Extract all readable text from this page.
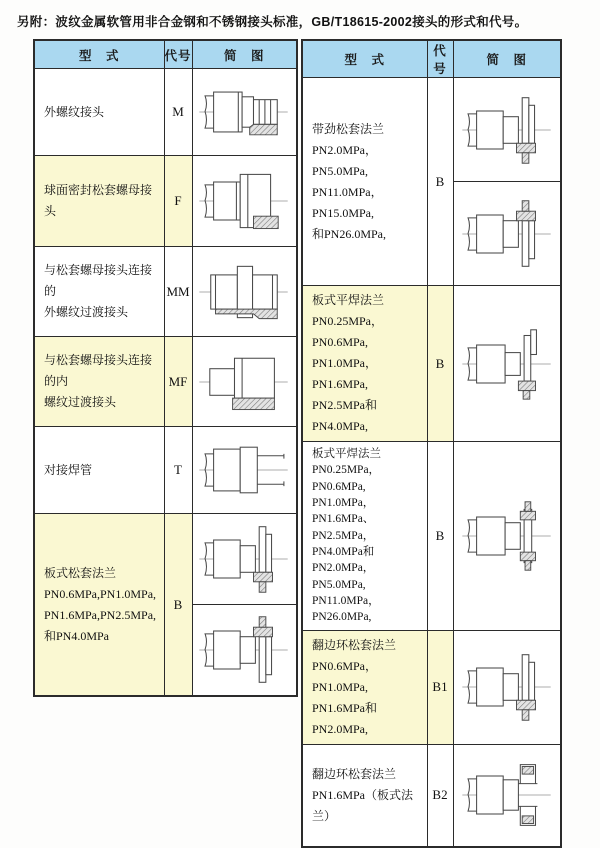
另附：波纹金属软管用非合金钢和不锈钢接头标准，GB/T18615-2002接头的形式和代号。
型　式	代号	简　图
外螺纹接头	M	

球面密封松套螺母接头	F	

与松套螺母接头连接的
外螺纹过渡接头	MM	

与松套螺母接头连接的内
螺纹过渡接头	MF	

对接焊管	T	

板式松套法兰
PN0.6MPa,PN1.0MPa,
PN1.6MPa,PN2.5MPa,
和PN4.0MPa	B	
型　式	代号	简　图
带劲松套法兰
PN2.0MPa，PN5.0MPa,
PN11.0MPa，PN15.0MPa,
和PN26.0MPa,	B	

板式平焊法兰
PN0.25MPa，PN0.6MPa,
PN1.0MPa，PN1.6MPa,
PN2.5MPa和PN4.0MPa,	B	

板式平焊法兰
PN0.25MPa，PN0.6MPa,
PN1.0MPa，PN1.6MPa、
PN2.5MPa，PN4.0MPa和
PN2.0MPa，PN5.0MPa,
PN11.0MPa，PN26.0MPa,	B	

翻边环松套法兰
PN0.6MPa，PN1.0MPa,
PN1.6MPa和PN2.0MPa,	B1	

翻边环松套法兰
PN1.6MPa（板式法兰）	B2	
